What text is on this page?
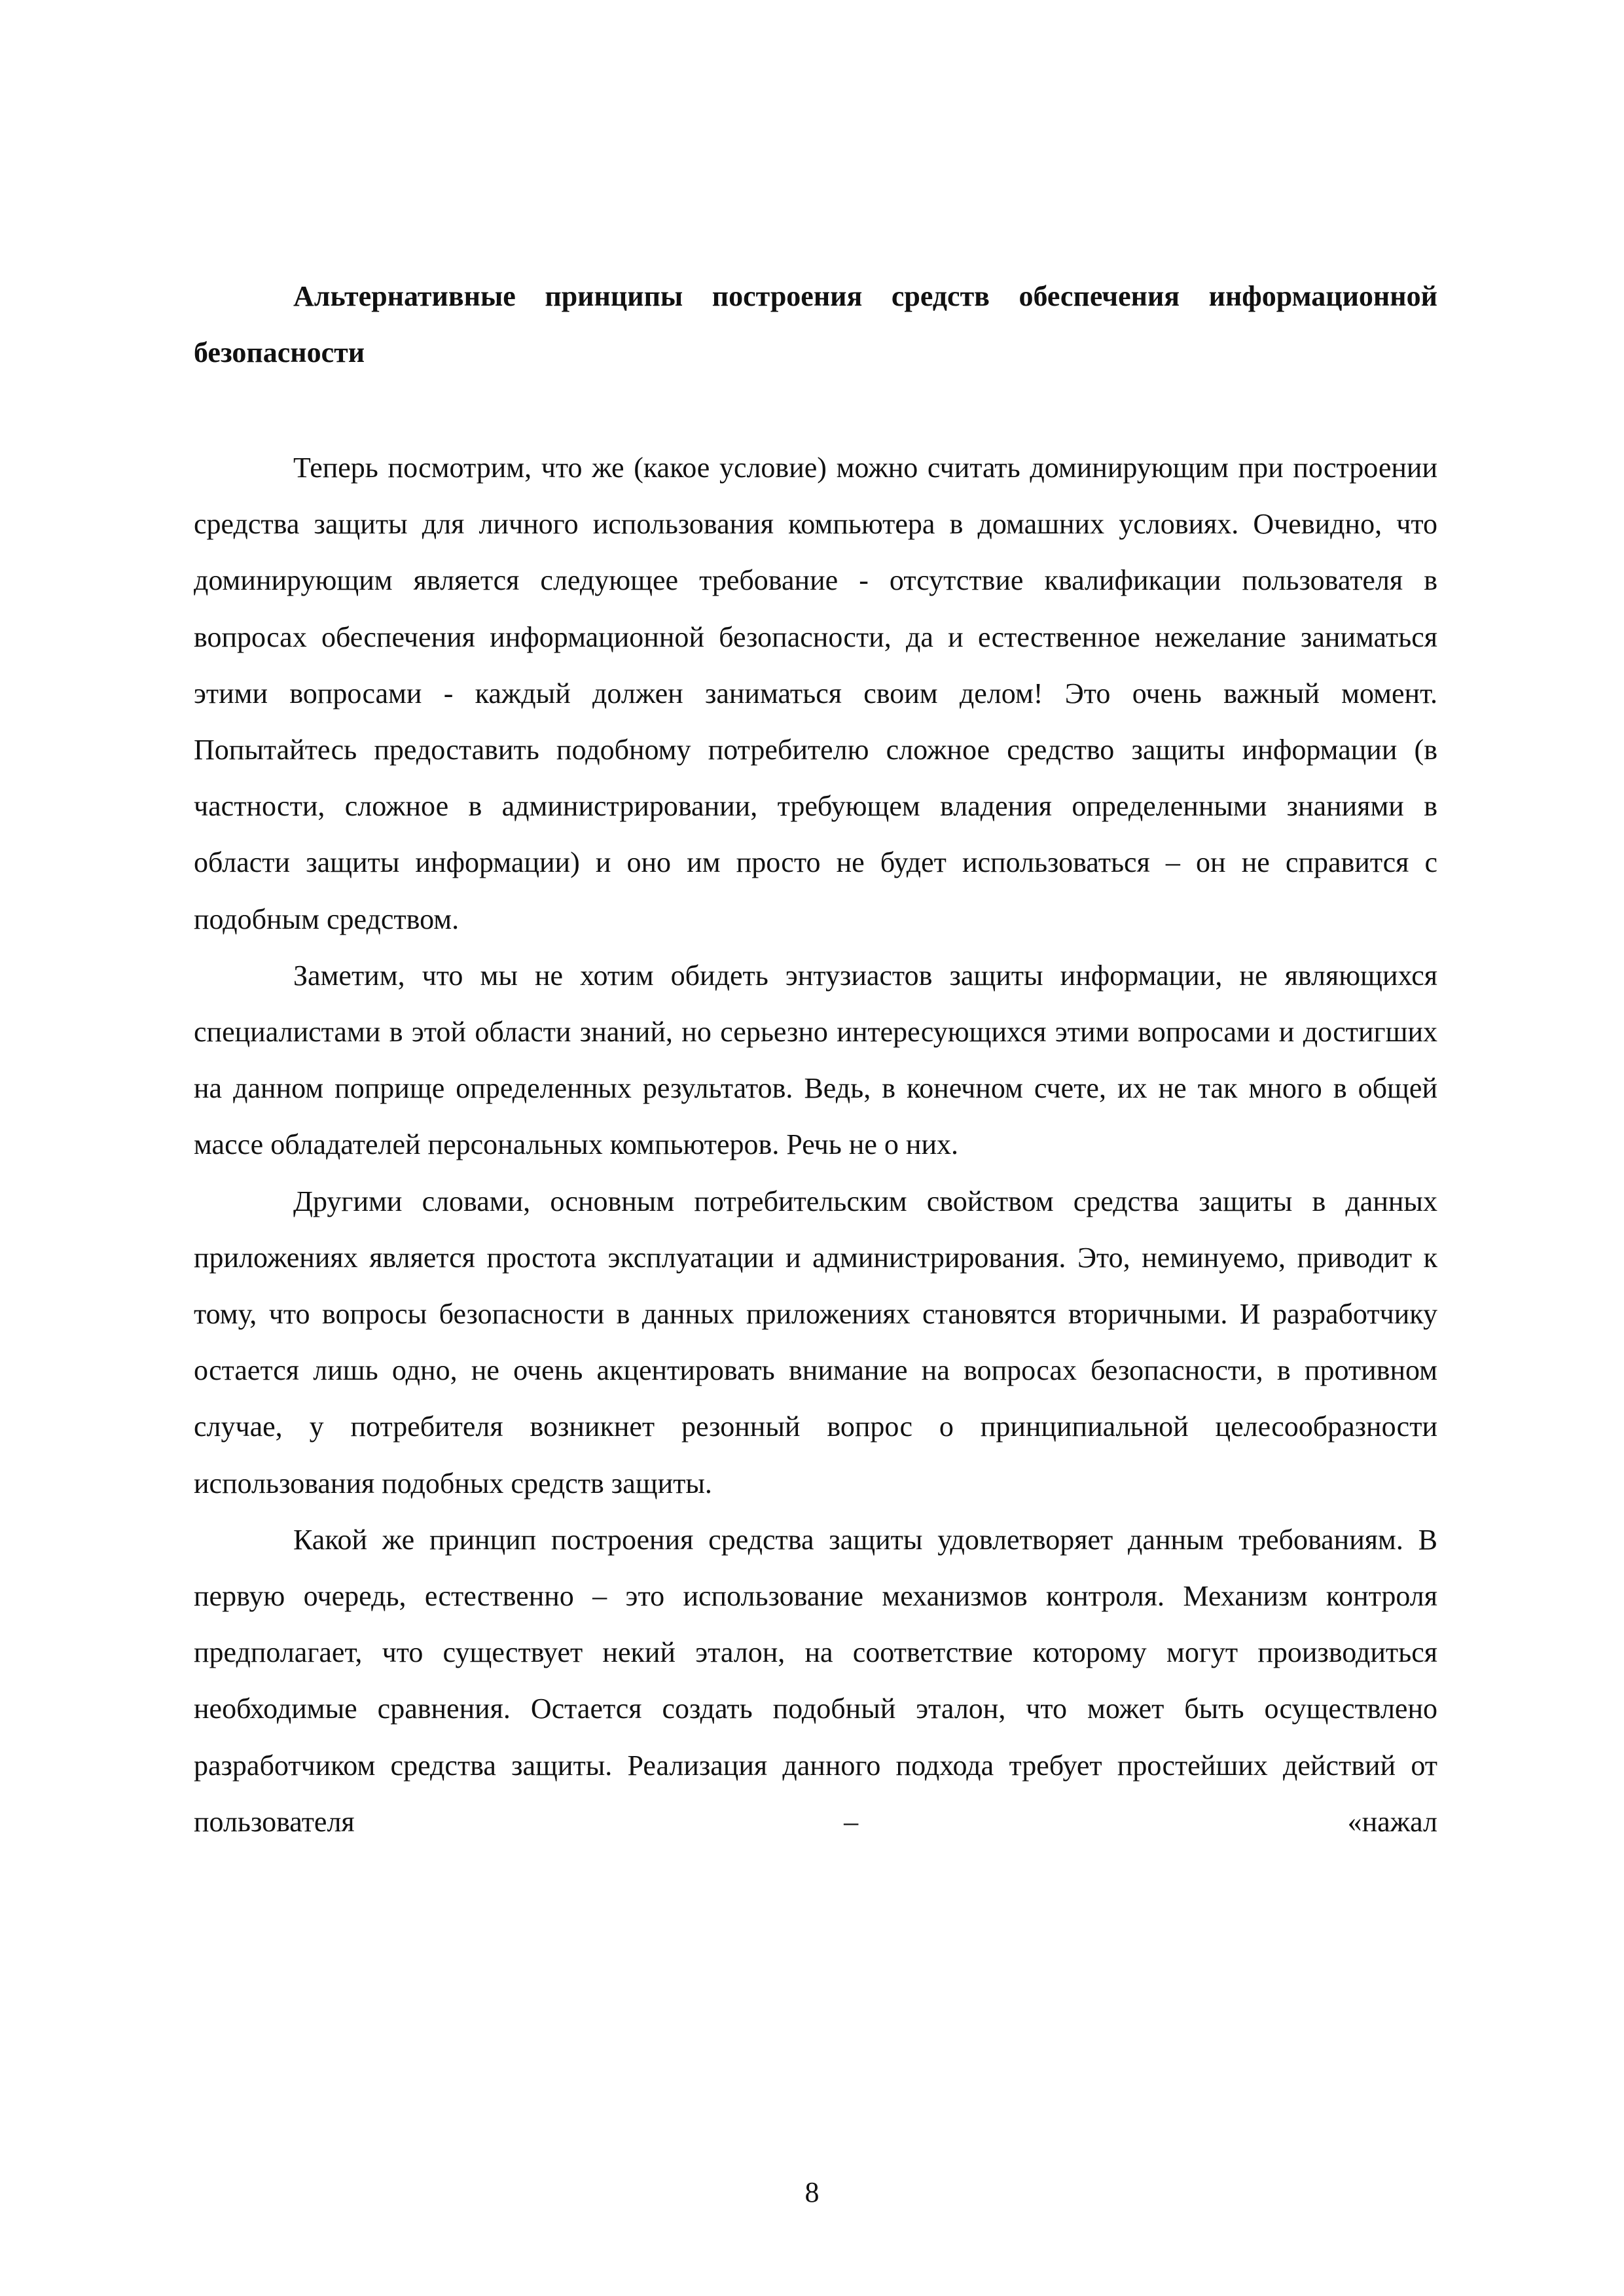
Альтернативные принципы построения средств обеспечения информационной безопасности

Теперь посмотрим, что же (какое условие) можно считать доминирующим при построении средства защиты для личного использования компьютера в домашних условиях. Очевидно, что доминирующим является следующее требование - отсутствие квалификации пользователя в вопросах обеспечения информационной безопасности, да и естественное нежелание заниматься этими вопросами - каждый должен заниматься своим делом! Это очень важный момент. Попытайтесь предоставить подобному потребителю сложное средство защиты информации (в частности, сложное в администрировании, требующем владения определенными знаниями в области защиты информации) и оно им просто не будет использоваться – он не справится с подобным средством.

Заметим, что мы не хотим обидеть энтузиастов защиты информации, не являющихся специалистами в этой области знаний, но серьезно интересующихся этими вопросами и достигших на данном поприще определенных результатов. Ведь, в конечном счете, их не так много в общей массе обладателей персональных компьютеров. Речь не о них.

Другими словами, основным потребительским свойством средства защиты в данных приложениях является простота эксплуатации и администрирования. Это, неминуемо, приводит к тому, что вопросы безопасности в данных приложениях становятся вторичными. И разработчику остается лишь одно, не очень акцентировать внимание на вопросах безопасности, в противном случае, у потребителя возникнет резонный вопрос о принципиальной целесообразности использования подобных средств защиты.

Какой же принцип построения средства защиты удовлетворяет данным требованиям. В первую очередь, естественно – это использование механизмов контроля. Механизм контроля предполагает, что существует некий эталон, на соответствие которому могут производиться необходимые сравнения. Остается создать подобный эталон, что может быть осуществлено разработчиком средства защиты. Реализация данного подхода требует простейших действий от пользователя – «нажал

8
